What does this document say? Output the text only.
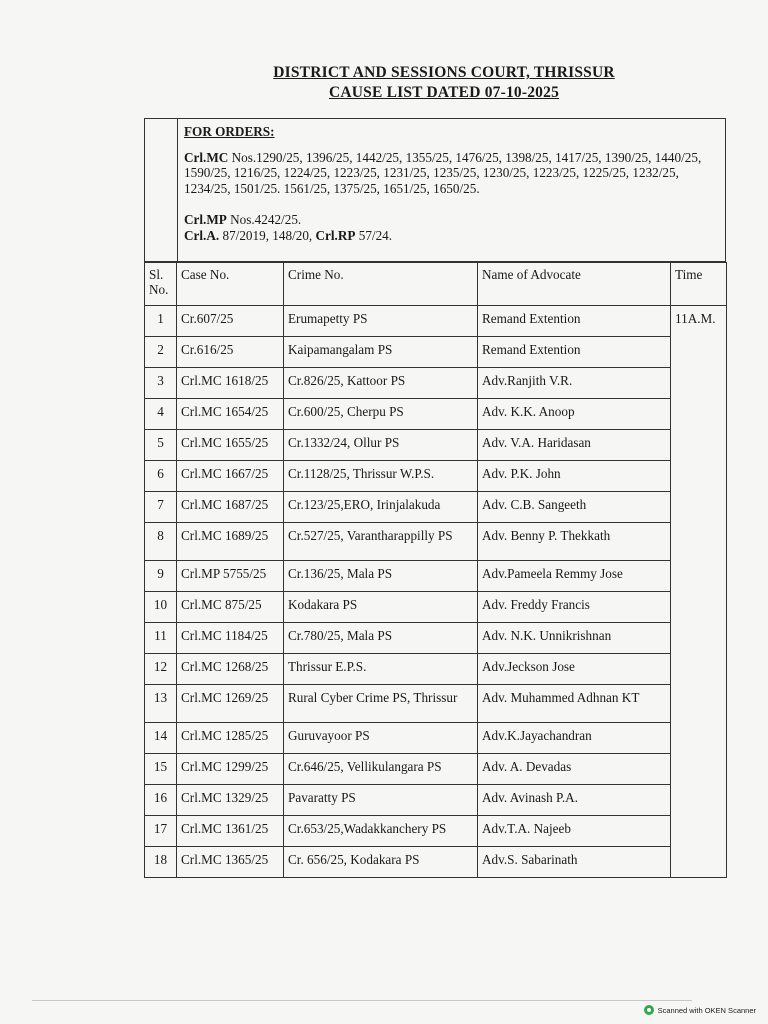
DISTRICT AND SESSIONS COURT, THRISSUR
CAUSE LIST DATED 07-10-2025
FOR ORDERS:
Crl.MC Nos.1290/25, 1396/25, 1442/25, 1355/25, 1476/25, 1398/25, 1417/25, 1390/25, 1440/25, 1590/25, 1216/25, 1224/25, 1223/25, 1231/25, 1235/25, 1230/25, 1223/25, 1225/25, 1232/25, 1234/25, 1501/25. 1561/25, 1375/25, 1651/25, 1650/25.
Crl.MP Nos.4242/25.
Crl.A. 87/2019, 148/20, Crl.RP 57/24.
Sl. No.	Case No.	Crime No.	Name of Advocate	Time
1	Cr.607/25	Erumapetty PS	Remand Extention	11A.M.
2	Cr.616/25	Kaipamangalam PS	Remand Extention	
3	Crl.MC 1618/25	Cr.826/25, Kattoor PS	Adv.Ranjith V.R.	
4	Crl.MC 1654/25	Cr.600/25, Cherpu PS	Adv. K.K. Anoop	
5	Crl.MC 1655/25	Cr.1332/24, Ollur PS	Adv. V.A. Haridasan	
6	Crl.MC 1667/25	Cr.1128/25, Thrissur W.P.S.	Adv. P.K. John	
7	Crl.MC 1687/25	Cr.123/25,ERO, Irinjalakuda	Adv. C.B. Sangeeth	
8	Crl.MC 1689/25	Cr.527/25, Varantharappilly PS	Adv. Benny P. Thekkath	
9	Crl.MP 5755/25	Cr.136/25, Mala PS	Adv.Pameela Remmy Jose	
10	Crl.MC 875/25	Kodakara PS	Adv. Freddy Francis	
11	Crl.MC 1184/25	Cr.780/25, Mala PS	Adv. N.K. Unnikrishnan	
12	Crl.MC 1268/25	Thrissur E.P.S.	Adv.Jeckson Jose	
13	Crl.MC 1269/25	Rural Cyber Crime PS, Thrissur	Adv. Muhammed Adhnan KT	
14	Crl.MC 1285/25	Guruvayoor PS	Adv.K.Jayachandran	
15	Crl.MC 1299/25	Cr.646/25, Vellikulangara PS	Adv. A. Devadas	
16	Crl.MC 1329/25	Pavaratty PS	Adv. Avinash P.A.	
17	Crl.MC 1361/25	Cr.653/25,Wadakkanchery PS	Adv.T.A. Najeeb	
18	Crl.MC 1365/25	Cr. 656/25, Kodakara PS	Adv.S. Sabarinath	
Scanned with OKEN Scanner
